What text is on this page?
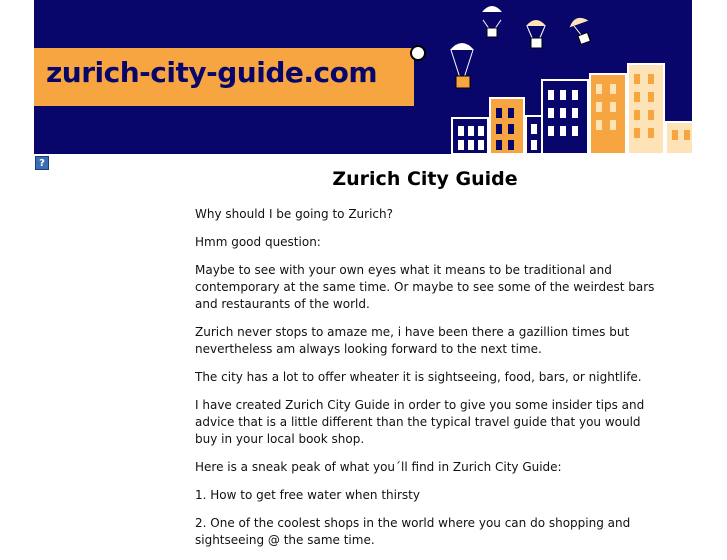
zurich-city-guide.com
?
Zurich City Guide

Why should I be going to Zurich?

Hmm good question:

Maybe to see with your own eyes what it means to be traditional and contemporary at the same time. Or maybe to see some of the weirdest bars and restaurants of the world.

Zurich never stops to amaze me, i have been there a gazillion times but nevertheless am always looking forward to the next time.

The city has a lot to offer wheater it is sightseeing, food, bars, or nightlife.

I have created Zurich City Guide in order to give you some insider tips and advice that is a little different than the typical travel guide that you would buy in your local book shop.

Here is a sneak peak of what you´ll find in Zurich City Guide:

1. How to get free water when thirsty

2. One of the coolest shops in the world where you can do shopping and sightseeing @ the same time.
